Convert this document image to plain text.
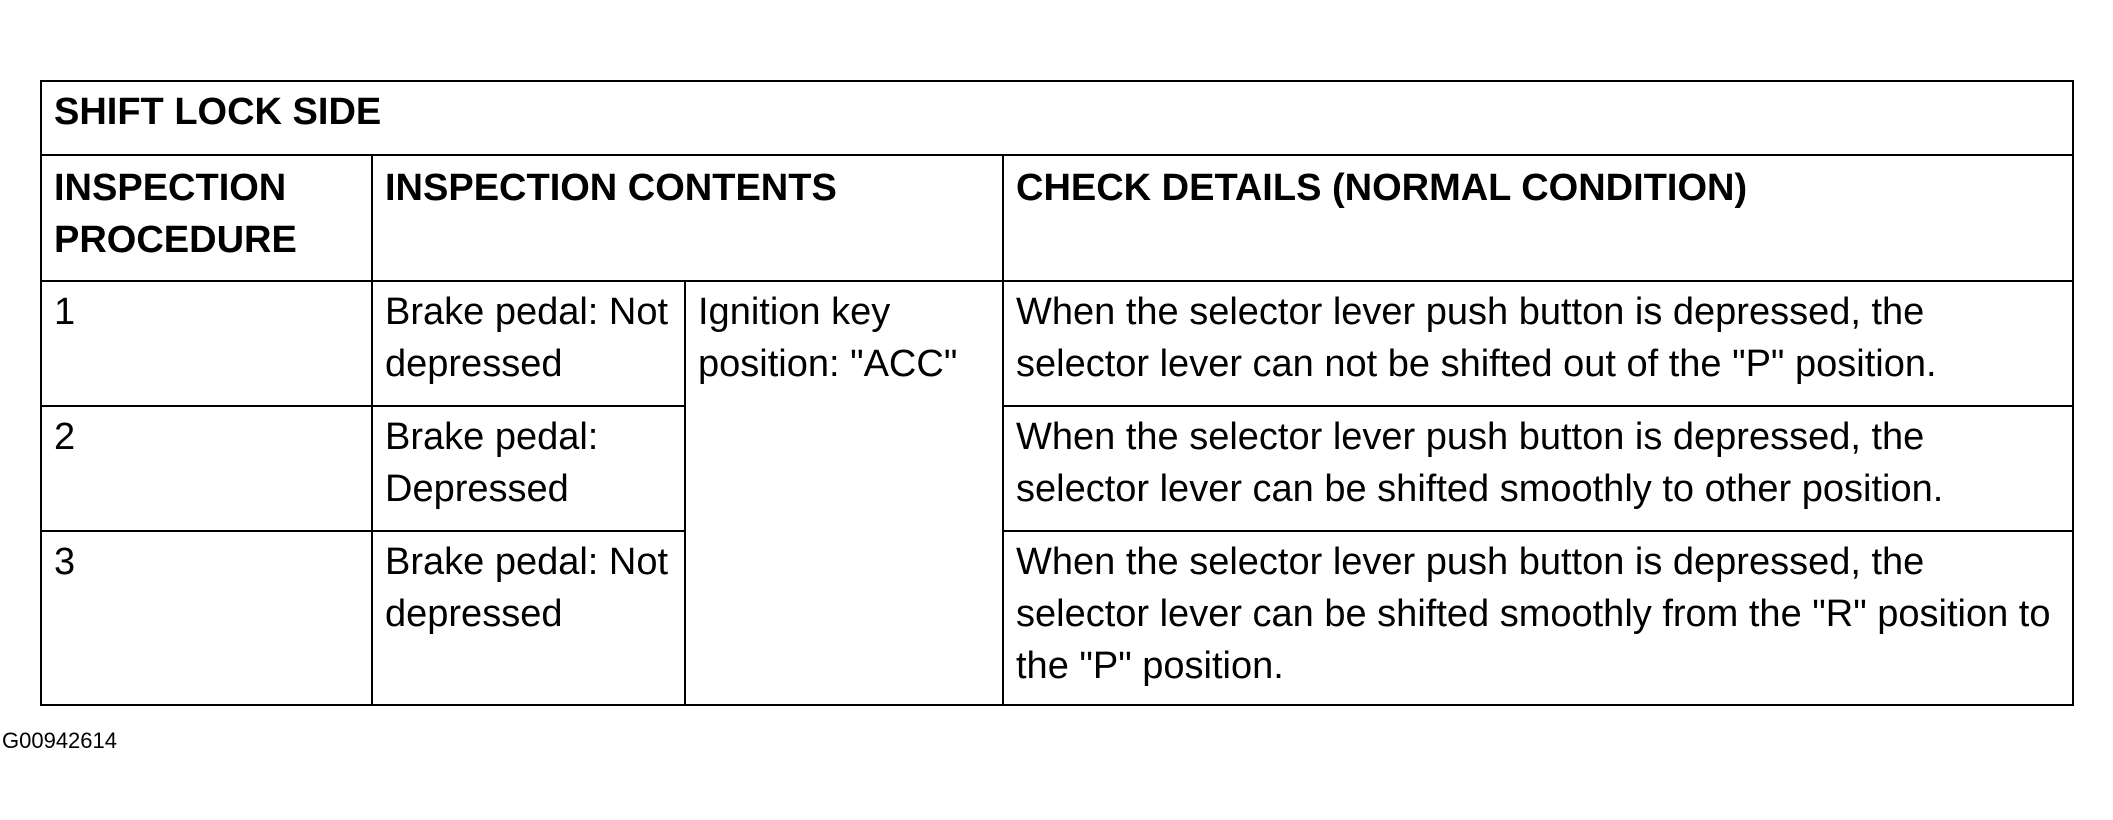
SHIFT LOCK SIDE			
INSPECTION PROCEDURE	INSPECTION CONTENTS		CHECK DETAILS (NORMAL CONDITION)
1	Brake pedal: Not depressed	Ignition key position: "ACC"	When the selector lever push button is depressed, the selector lever can not be shifted out of the "P" position.
2	Brake pedal: Depressed		When the selector lever push button is depressed, the selector lever can be shifted smoothly to other position.
3	Brake pedal: Not depressed		When the selector lever push button is depressed, the selector lever can be shifted smoothly from the "R" position to the "P" position.
G00942614
